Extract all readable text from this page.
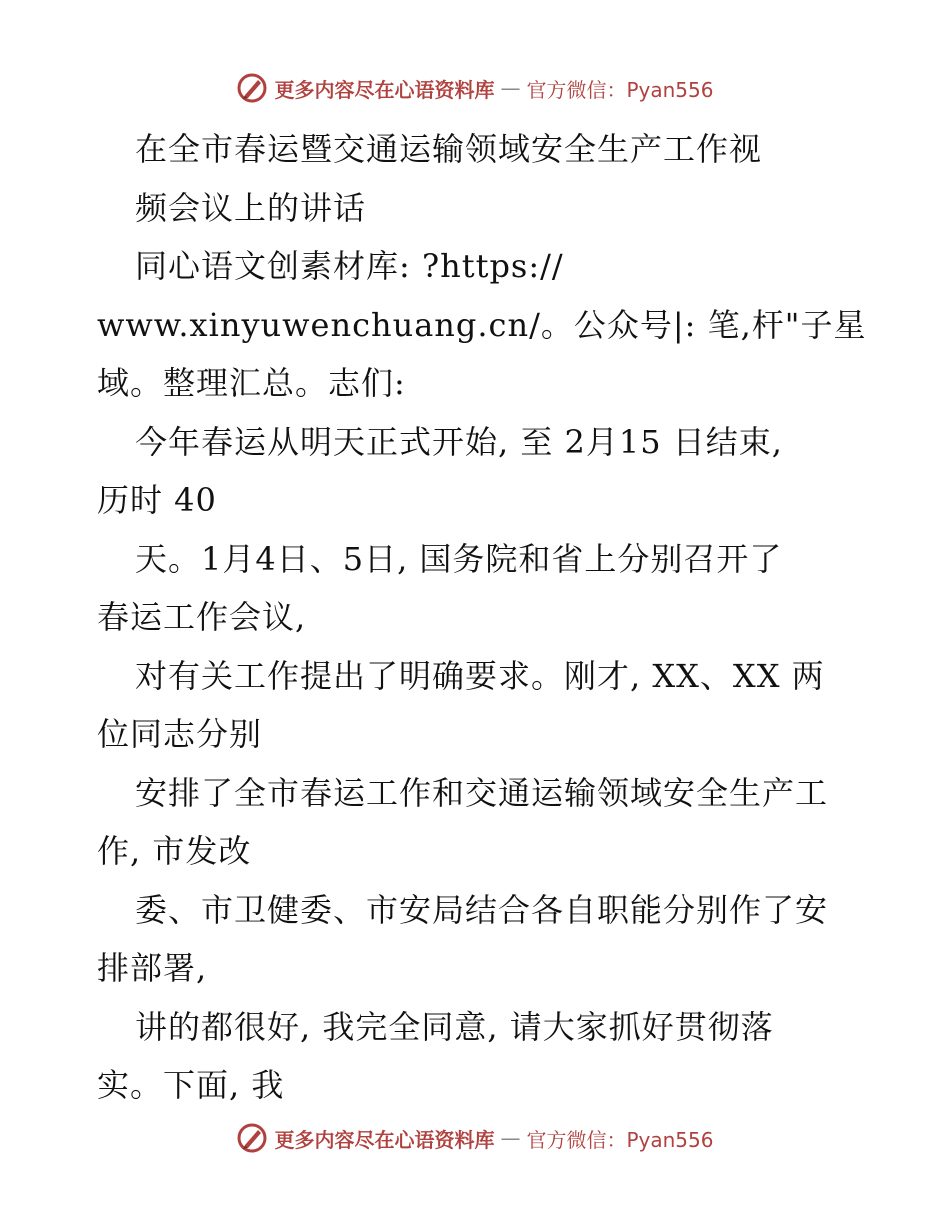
更多内容尽在心语资料库 — 官方微信：Pyan556
在全市春运暨交通运输领域安全生产工作视
频会议上的讲话
同心语文创素材库: ?https://
www.xinyuwenchuang.cn/。公众号|: 笔,杆"子星
域。整理汇总。志们:
今年春运从明天正式开始, 至 2月15 日结束,
历时 40
天。1月4日、5日, 国务院和省上分别召开了
春运工作会议,
对有关工作提出了明确要求。刚才, XX、XX 两
位同志分别
安排了全市春运工作和交通运输领域安全生产工
作, 市发改
委、市卫健委、市安局结合各自职能分别作了安
排部署,
讲的都很好, 我完全同意, 请大家抓好贯彻落
实。下面, 我
更多内容尽在心语资料库 — 官方微信：Pyan556
